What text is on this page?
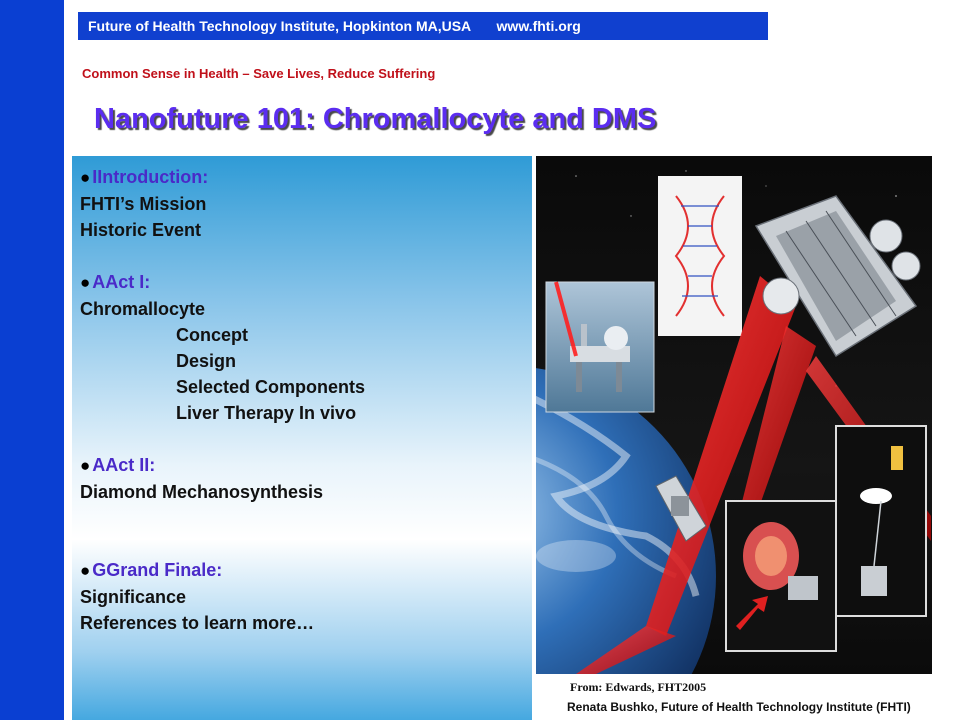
Future of Health Technology Institute, Hopkinton MA,USA www.fhti.org
Common Sense in Health – Save Lives, Reduce Suffering
Nanofuture 101: Chromallocyte and DMS
● IIntroduction:
FHTI’s Mission
Historic Event
● AAct I:
Chromallocyte
Concept
Design
Selected Components
Liver Therapy In vivo
● AAct II:
Diamond Mechanosynthesis
● GGrand Finale:
Significance
References to learn more…
From: Edwards, FHT2005
Renata Bushko, Future of Health Technology Institute (FHTI)
